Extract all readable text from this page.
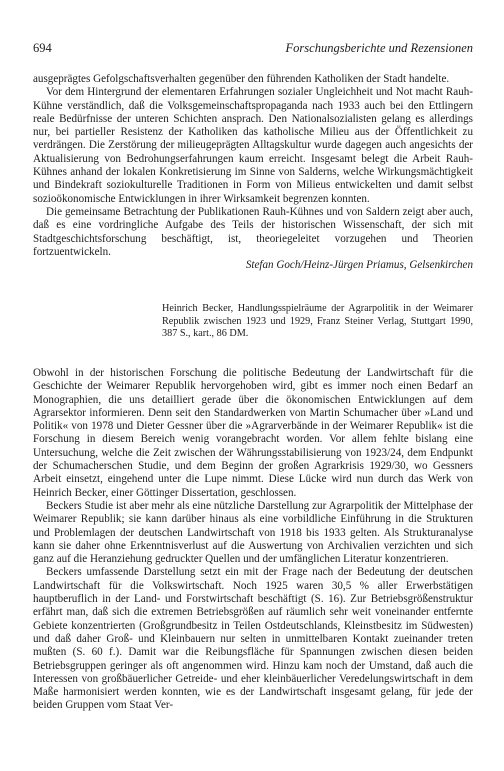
694	Forschungsberichte und Rezensionen

ausgeprägtes Gefolgschaftsverhalten gegenüber den führenden Katholiken der Stadt handelte.

Vor dem Hintergrund der elementaren Erfahrungen sozialer Ungleichheit und Not macht Rauh-Kühne verständlich, daß die Volksgemeinschaftspropaganda nach 1933 auch bei den Ettlingern reale Bedürfnisse der unteren Schichten ansprach. Den Nationalsozialisten gelang es allerdings nur, bei partieller Resistenz der Katholiken das katholische Milieu aus der Öffentlichkeit zu verdrängen. Die Zerstörung der milieugeprägten Alltagskultur wurde dagegen auch angesichts der Aktualisierung von Bedrohungserfahrungen kaum erreicht. Insgesamt belegt die Arbeit Rauh-Kühnes anhand der lokalen Konkretisierung im Sinne von Salderns, welche Wirkungsmächtigkeit und Bindekraft soziokulturelle Traditionen in Form von Milieus entwickelten und damit selbst sozioökonomische Entwicklungen in ihrer Wirksamkeit begrenzen konnten.

Die gemeinsame Betrachtung der Publikationen Rauh-Kühnes und von Saldern zeigt aber auch, daß es eine vordringliche Aufgabe des Teils der historischen Wissenschaft, der sich mit Stadtgeschichtsforschung beschäftigt, ist, theoriegeleitet vorzugehen und Theorien fortzuentwickeln.

Stefan Goch/Heinz-Jürgen Priamus, Gelsenkirchen
Heinrich Becker, Handlungsspielräume der Agrarpolitik in der Weimarer Republik zwischen 1923 und 1929, Franz Steiner Verlag, Stuttgart 1990, 387 S., kart., 86 DM.

Obwohl in der historischen Forschung die politische Bedeutung der Landwirtschaft für die Geschichte der Weimarer Republik hervorgehoben wird, gibt es immer noch einen Bedarf an Monographien, die uns detailliert gerade über die ökonomischen Entwicklungen auf dem Agrarsektor informieren. Denn seit den Standardwerken von Martin Schumacher über »Land und Politik« von 1978 und Dieter Gessner über die »Agrarverbände in der Weimarer Republik« ist die Forschung in diesem Bereich wenig vorangebracht worden. Vor allem fehlte bislang eine Untersuchung, welche die Zeit zwischen der Währungsstabilisierung von 1923/24, dem Endpunkt der Schumacherschen Studie, und dem Beginn der großen Agrarkrisis 1929/30, wo Gessners Arbeit einsetzt, eingehend unter die Lupe nimmt. Diese Lücke wird nun durch das Werk von Heinrich Becker, einer Göttinger Dissertation, geschlossen.

Beckers Studie ist aber mehr als eine nützliche Darstellung zur Agrarpolitik der Mittelphase der Weimarer Republik; sie kann darüber hinaus als eine vorbildliche Einführung in die Strukturen und Problemlagen der deutschen Landwirtschaft von 1918 bis 1933 gelten. Als Strukturanalyse kann sie daher ohne Erkenntnisverlust auf die Auswertung von Archivalien verzichten und sich ganz auf die Heranziehung gedruckter Quellen und der umfänglichen Literatur konzentrieren.

Beckers umfassende Darstellung setzt ein mit der Frage nach der Bedeutung der deutschen Landwirtschaft für die Volkswirtschaft. Noch 1925 waren 30,5 % aller Erwerbstätigen hauptberuflich in der Land- und Forstwirtschaft beschäftigt (S. 16). Zur Betriebsgrößenstruktur erfährt man, daß sich die extremen Betriebsgrößen auf räumlich sehr weit voneinander entfernte Gebiete konzentrierten (Großgrundbesitz in Teilen Ostdeutschlands, Kleinstbesitz im Südwesten) und daß daher Groß- und Kleinbauern nur selten in unmittelbaren Kontakt zueinander treten mußten (S. 60 f.). Damit war die Reibungsfläche für Spannungen zwischen diesen beiden Betriebsgruppen geringer als oft angenommen wird. Hinzu kam noch der Umstand, daß auch die Interessen von großbäuerlicher Getreide- und eher kleinbäuerlicher Veredelungswirtschaft in dem Maße harmonisiert werden konnten, wie es der Landwirtschaft insgesamt gelang, für jede der beiden Gruppen vom Staat Ver-
